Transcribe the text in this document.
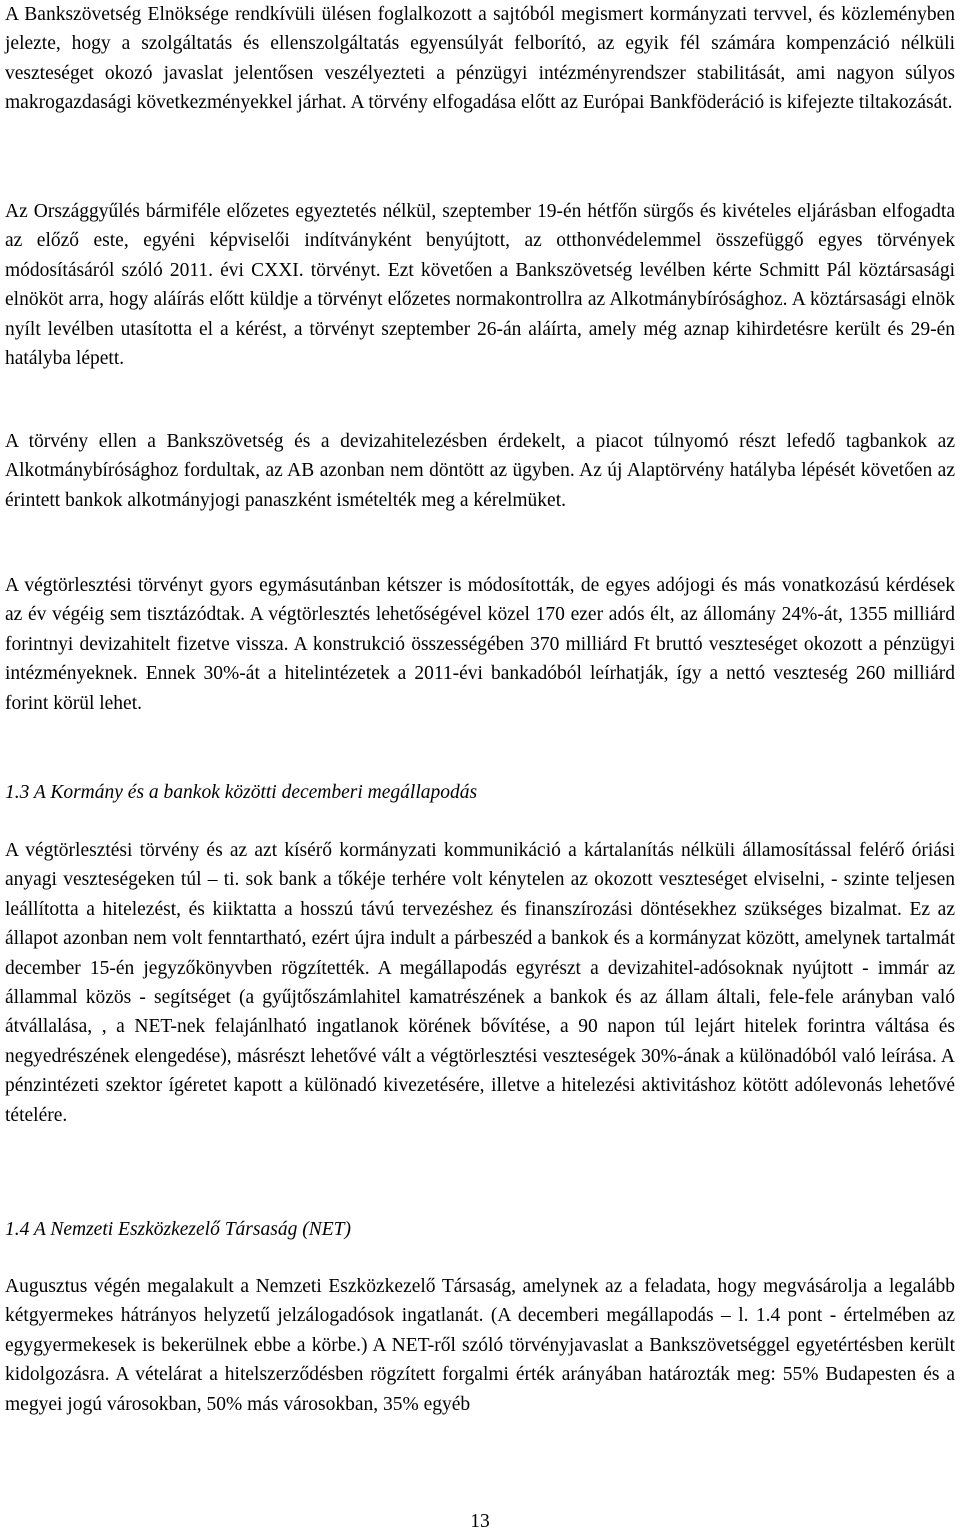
A Bankszövetség Elnöksége rendkívüli ülésen foglalkozott a sajtóból megismert kormányzati tervvel, és közleményben jelezte, hogy a szolgáltatás és ellenszolgáltatás egyensúlyát felborító, az egyik fél számára kompenzáció nélküli veszteséget okozó javaslat jelentősen veszélyezteti a pénzügyi intézményrendszer stabilitását, ami nagyon súlyos makrogazdasági következményekkel járhat. A törvény elfogadása előtt az Európai Bankföderáció is kifejezte tiltakozását.

Az Országgyűlés bármiféle előzetes egyeztetés nélkül, szeptember 19-én hétfőn sürgős és kivételes eljárásban elfogadta az előző este, egyéni képviselői indítványként benyújtott, az otthonvédelemmel összefüggő egyes törvények módosításáról szóló 2011. évi CXXI. törvényt. Ezt követően a Bankszövetség levélben kérte Schmitt Pál köztársasági elnököt arra, hogy aláírás előtt küldje a törvényt előzetes normakontrollra az Alkotmánybírósághoz. A köztársasági elnök nyílt levélben utasította el a kérést, a törvényt szeptember 26-án aláírta, amely még aznap kihirdetésre került és 29-én hatályba lépett.

A törvény ellen a Bankszövetség és a devizahitelezésben érdekelt, a piacot túlnyomó részt lefedő tagbankok az Alkotmánybírósághoz fordultak, az AB azonban nem döntött az ügyben. Az új Alaptörvény hatályba lépését követően az érintett bankok alkotmányjogi panaszként ismételték meg a kérelmüket.

A végtörlesztési törvényt gyors egymásutánban kétszer is módosították, de egyes adójogi és más vonatkozású kérdések az év végéig sem tisztázódtak. A végtörlesztés lehetőségével közel 170 ezer adós élt, az állomány 24%-át, 1355 milliárd forintnyi devizahitelt fizetve vissza. A konstrukció összességében 370 milliárd Ft bruttó veszteséget okozott a pénzügyi intézményeknek. Ennek 30%-át a hitelintézetek a 2011-évi bankadóból leírhatják, így a nettó veszteség 260 milliárd forint körül lehet.

1.3 A Kormány és a bankok közötti decemberi megállapodás

A végtörlesztési törvény és az azt kísérő kormányzati kommunikáció a kártalanítás nélküli államosítással felérő óriási anyagi veszteségeken túl – ti. sok bank a tőkéje terhére volt kénytelen az okozott veszteséget elviselni, - szinte teljesen leállította a hitelezést, és kiiktatta a hosszú távú tervezéshez és finanszírozási döntésekhez szükséges bizalmat. Ez az állapot azonban nem volt fenntartható, ezért újra indult a párbeszéd a bankok és a kormányzat között, amelynek tartalmát december 15-én jegyzőkönyvben rögzítették. A megállapodás egyrészt a devizahitel-adósoknak nyújtott - immár az állammal közös - segítséget (a gyűjtőszámlahitel kamatrészének a bankok és az állam általi, fele-fele arányban való átvállalása, , a NET-nek felajánlható ingatlanok körének bővítése, a 90 napon túl lejárt hitelek forintra váltása és negyedrészének elengedése), másrészt lehetővé vált a végtörlesztési veszteségek 30%-ának a különadóból való leírása. A pénzintézeti szektor ígéretet kapott a különadó kivezetésére, illetve a hitelezési aktivitáshoz kötött adólevonás lehetővé tételére.

1.4 A Nemzeti Eszközkezelő Társaság (NET)

Augusztus végén megalakult a Nemzeti Eszközkezelő Társaság, amelynek az a feladata, hogy megvásárolja a legalább kétgyermekes hátrányos helyzetű jelzálogadósok ingatlanát. (A decemberi megállapodás – l. 1.4 pont - értelmében az egygyermekesek is bekerülnek ebbe a körbe.) A NET-ről szóló törvényjavaslat a Bankszövetséggel egyetértésben került kidolgozásra. A vételárat a hitelszerződésben rögzített forgalmi érték arányában határozták meg: 55% Budapesten és a megyei jogú városokban, 50% más városokban, 35% egyéb

13
